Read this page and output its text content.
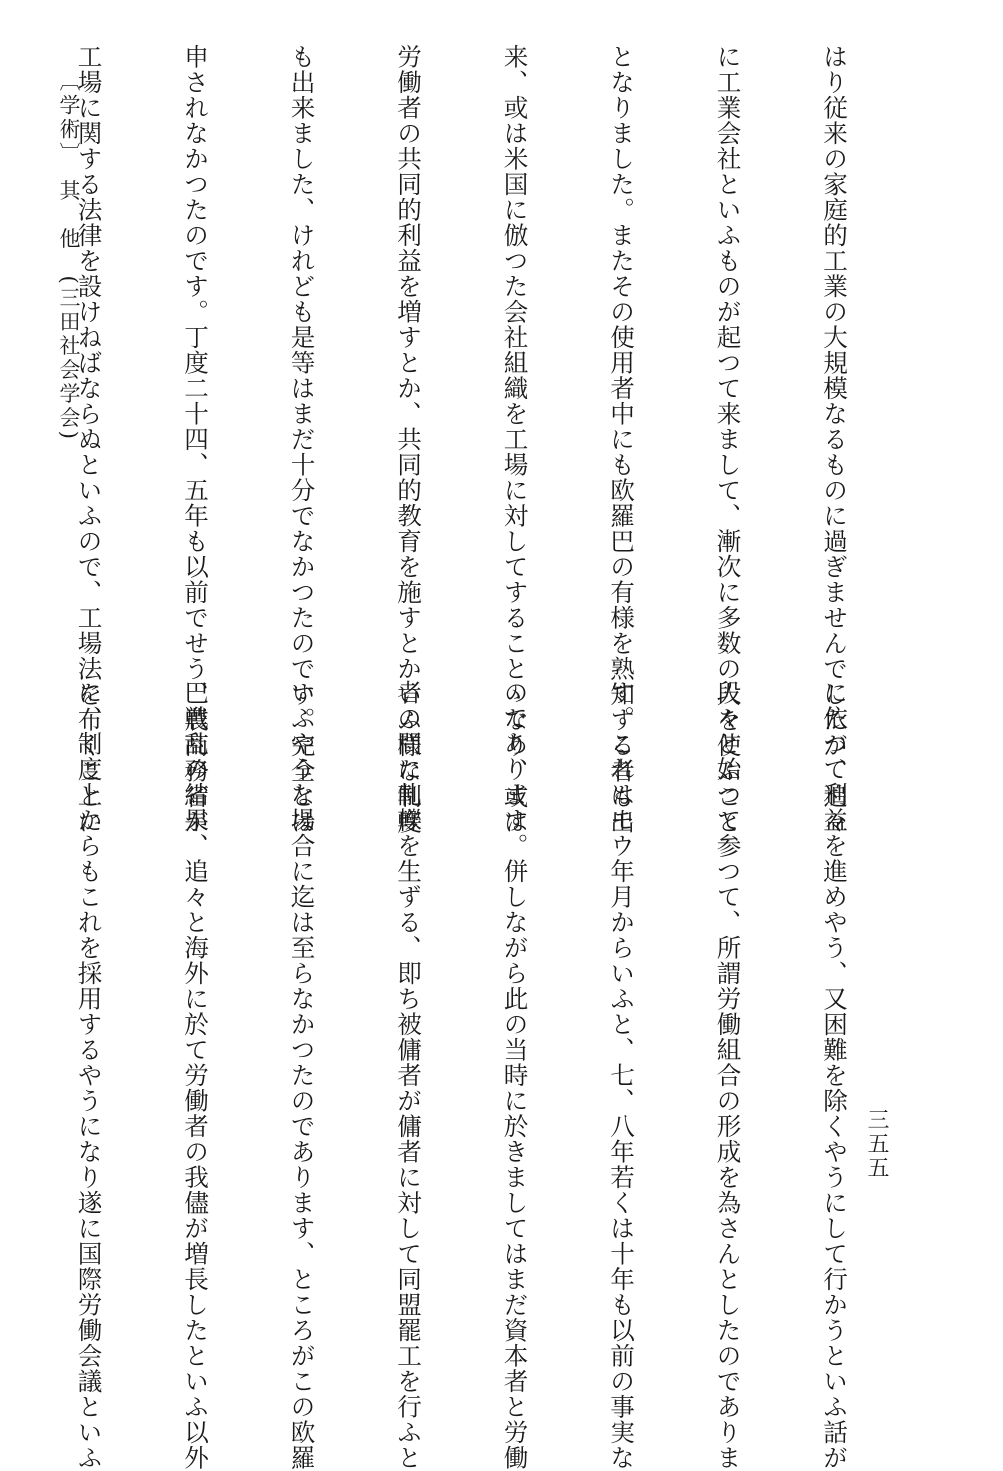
はり従来の家庭的工業の大規模なるものに過ぎませんでしたが、追々

に工業会社といふものが起つて来まして、漸次に多数の人を使ふこと

となりました。またその使用者中にも欧羅巴の有様を熟知する者も出

来、或は米国に倣つた会社組織を工場に対してすることゝなり、或は

労働者の共同的利益を増すとか、共同的教育を施すとかいふ様な制度

も出来ました、けれども是等はまだ十分でなかつたのです。完全とは

申されなかつたのです。丁度二十四、五年も以前でせう、農商務省が

工場に関する法律を設けねばならぬといふので、工場法を布くことに

に依つて利益を進めやう、又困難を除くやうにして行かうといふ話が

段々と始つて参つて、所謂労働組合の形成を為さんとしたのでありま

す。これはモウ年月からいふと、七、八年若くは十年も以前の事実な

のであります。併しながら此の当時に於きましてはまだ資本者と労働

者の間に軋轢を生ずる、即ち被傭者が傭者に対して同盟罷工を行ふと

いふやうな場合に迄は至らなかつたのであります、ところがこの欧羅

巴戦乱の結果、追々と海外に於て労働者の我儘が増長したといふ以外

に、制度上からもこれを採用するやうになり遂に国際労働会議といふ

〔学術〕　其　他　(三田社会学会)
三五五
